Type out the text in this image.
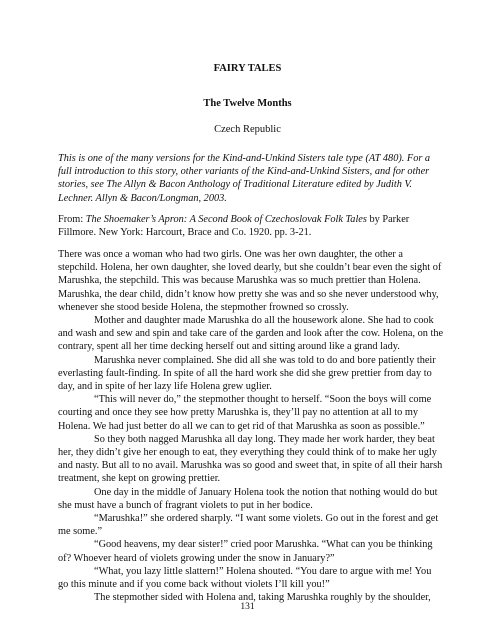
FAIRY TALES
The Twelve Months
Czech Republic

This is one of the many versions for the Kind-and-Unkind Sisters tale type (AT 480). For a full introduction to this story, other variants of the Kind-and-Unkind Sisters, and for other stories, see The Allyn & Bacon Anthology of Traditional Literature edited by Judith V. Lechner. Allyn & Bacon/Longman, 2003.

From: The Shoemaker’s Apron: A Second Book of Czechoslovak Folk Tales by Parker Fillmore. New York: Harcourt, Brace and Co. 1920. pp. 3-21.

There was once a woman who had two girls. One was her own daughter, the other a stepchild. Holena, her own daughter, she loved dearly, but she couldn’t bear even the sight of Marushka, the stepchild. This was because Marushka was so much prettier than Holena. Marushka, the dear child, didn’t know how pretty she was and so she never understood why, whenever she stood beside Holena, the stepmother frowned so crossly.

Mother and daughter made Marushka do all the housework alone. She had to cook and wash and sew and spin and take care of the garden and look after the cow. Holena, on the contrary, spent all her time decking herself out and sitting around like a grand lady.

Marushka never complained. She did all she was told to do and bore patiently their everlasting fault-finding. In spite of all the hard work she did she grew prettier from day to day, and in spite of her lazy life Holena grew uglier.

“This will never do,” the stepmother thought to herself. “Soon the boys will come courting and once they see how pretty Marushka is, they’ll pay no attention at all to my Holena. We had just better do all we can to get rid of that Marushka as soon as possible.”

So they both nagged Marushka all day long. They made her work harder, they beat her, they didn’t give her enough to eat, they everything they could think of to make her ugly and nasty. But all to no avail. Marushka was so good and sweet that, in spite of all their harsh treatment, she kept on growing prettier.

One day in the middle of January Holena took the notion that nothing would do but she must have a bunch of fragrant violets to put in her bodice.

“Marushka!” she ordered sharply. “I want some violets. Go out in the forest and get me some.”

“Good heavens, my dear sister!” cried poor Marushka. “What can you be thinking of? Whoever heard of violets growing under the snow in January?”

“What, you lazy little slattern!” Holena shouted. “You dare to argue with me! You go this minute and if you come back without violets I’ll kill you!”

The stepmother sided with Holena and, taking Marushka roughly by the shoulder,

131
